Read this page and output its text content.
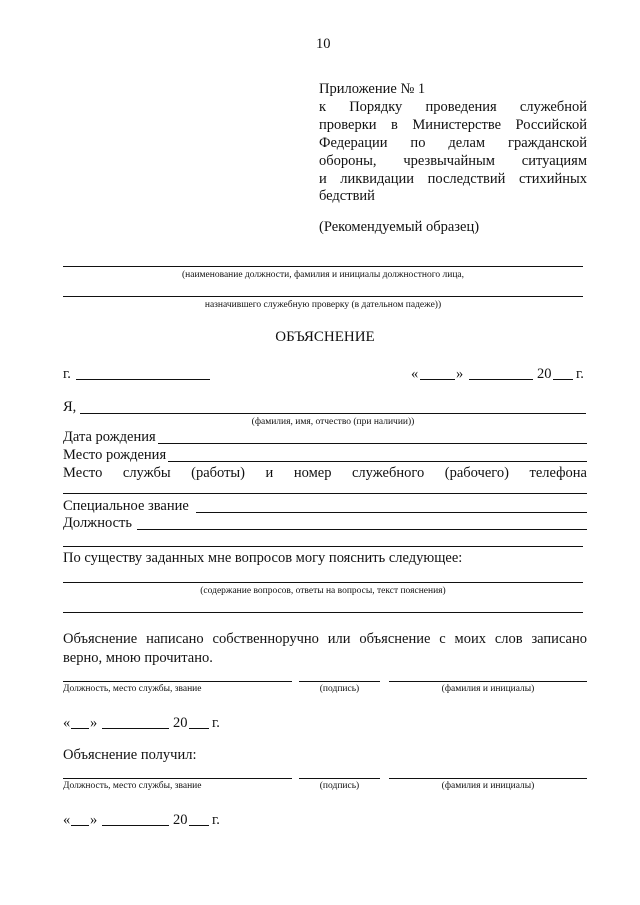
10
Приложение № 1
к Порядку проведения служебной
проверки в Министерстве Российской
Федерации по делам гражданской
обороны, чрезвычайным ситуациям
и ликвидации последствий стихийных
бедствий
(Рекомендуемый образец)
(наименование должности, фамилия и инициалы должностного лица,
назначившего служебную проверку (в дательном падеже))
ОБЪЯСНЕНИЕ
г.	«	»	20 г.
Я,
(фамилия, имя, отчество (при наличии))
Дата рождения
Место рождения
Место службы (работы) и номер служебного (рабочего) телефона
Специальное звание
Должность
По существу заданных мне вопросов могу пояснить следующее:
(содержание вопросов, ответы на вопросы, текст пояснения)
Объяснение написано собственноручно или объяснение с моих слов записано
верно, мною прочитано.
Должность, место службы, звание	(подпись)	(фамилия и инициалы)
« »	20 г.
Объяснение получил:
Должность, место службы, звание	(подпись)	(фамилия и инициалы)
« »	20 г.
